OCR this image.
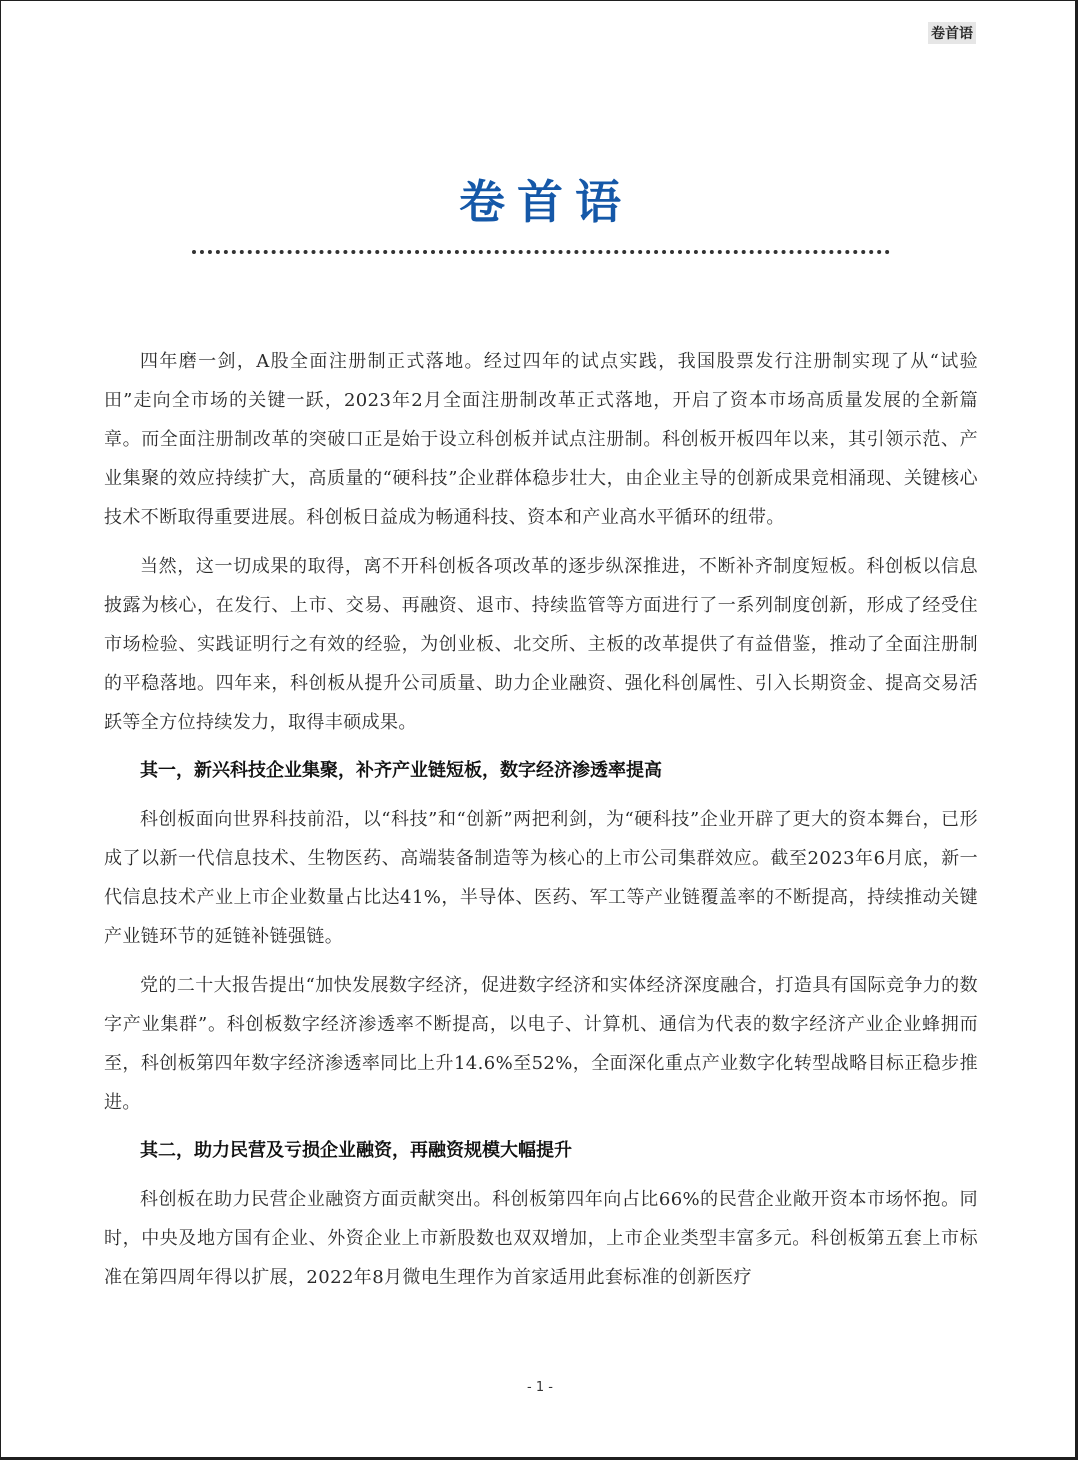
卷首语
卷首语

四年磨一剑，A股全面注册制正式落地。经过四年的试点实践，我国股票发行注册制实现了从“试验田”走向全市场的关键一跃，2023年2月全面注册制改革正式落地，开启了资本市场高质量发展的全新篇章。而全面注册制改革的突破口正是始于设立科创板并试点注册制。科创板开板四年以来，其引领示范、产业集聚的效应持续扩大，高质量的“硬科技”企业群体稳步壮大，由企业主导的创新成果竞相涌现、关键核心技术不断取得重要进展。科创板日益成为畅通科技、资本和产业高水平循环的纽带。

当然，这一切成果的取得，离不开科创板各项改革的逐步纵深推进，不断补齐制度短板。科创板以信息披露为核心，在发行、上市、交易、再融资、退市、持续监管等方面进行了一系列制度创新，形成了经受住市场检验、实践证明行之有效的经验，为创业板、北交所、主板的改革提供了有益借鉴，推动了全面注册制的平稳落地。四年来，科创板从提升公司质量、助力企业融资、强化科创属性、引入长期资金、提高交易活跃等全方位持续发力，取得丰硕成果。

其一，新兴科技企业集聚，补齐产业链短板，数字经济渗透率提高

科创板面向世界科技前沿，以“科技”和“创新”两把利剑，为“硬科技”企业开辟了更大的资本舞台，已形成了以新一代信息技术、生物医药、高端装备制造等为核心的上市公司集群效应。截至2023年6月底，新一代信息技术产业上市企业数量占比达41%，半导体、医药、军工等产业链覆盖率的不断提高，持续推动关键产业链环节的延链补链强链。

党的二十大报告提出“加快发展数字经济，促进数字经济和实体经济深度融合，打造具有国际竞争力的数字产业集群”。科创板数字经济渗透率不断提高，以电子、计算机、通信为代表的数字经济产业企业蜂拥而至，科创板第四年数字经济渗透率同比上升14.6%至52%，全面深化重点产业数字化转型战略目标正稳步推进。

其二，助力民营及亏损企业融资，再融资规模大幅提升

科创板在助力民营企业融资方面贡献突出。科创板第四年向占比66%的民营企业敞开资本市场怀抱。同时，中央及地方国有企业、外资企业上市新股数也双双增加，上市企业类型丰富多元。科创板第五套上市标准在第四周年得以扩展，2022年8月微电生理作为首家适用此套标准的创新医疗

- 1 -
